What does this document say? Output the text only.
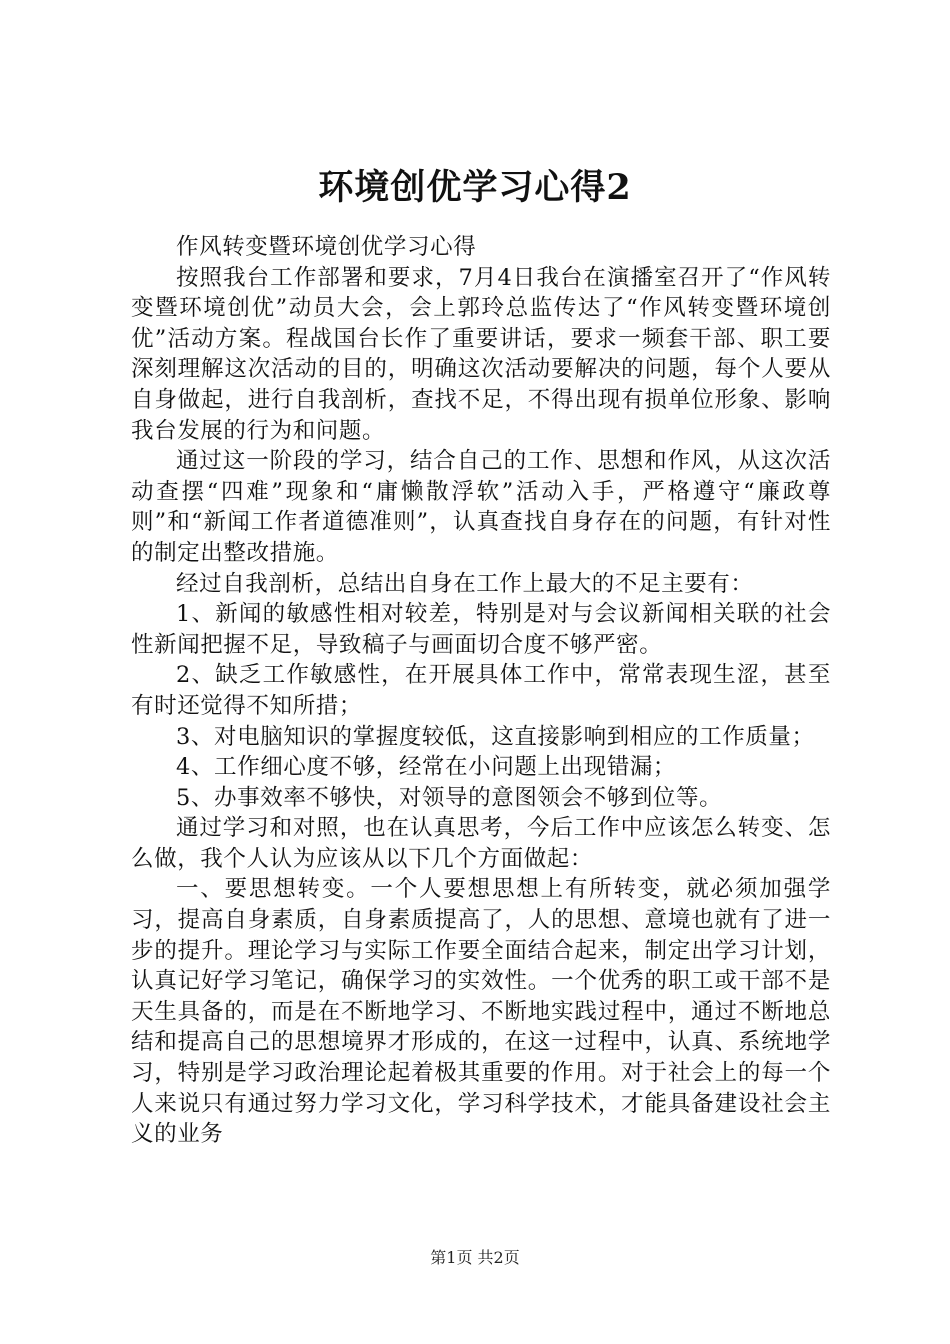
环境创优学习心得2

作风转变暨环境创优学习心得

按照我台工作部署和要求，7月4日我台在演播室召开了“作风转变暨环境创优”动员大会，会上郭玲总监传达了“作风转变暨环境创优”活动方案。程战国台长作了重要讲话，要求一频套干部、职工要深刻理解这次活动的目的，明确这次活动要解决的问题，每个人要从自身做起，进行自我剖析，查找不足，不得出现有损单位形象、影响我台发展的行为和问题。

通过这一阶段的学习，结合自己的工作、思想和作风，从这次活动查摆“四难”现象和“庸懒散浮软”活动入手，严格遵守“廉政尊则”和“新闻工作者道德准则”，认真查找自身存在的问题，有针对性的制定出整改措施。

经过自我剖析，总结出自身在工作上最大的不足主要有：

1、新闻的敏感性相对较差，特别是对与会议新闻相关联的社会性新闻把握不足，导致稿子与画面切合度不够严密。

2、缺乏工作敏感性，在开展具体工作中，常常表现生涩，甚至有时还觉得不知所措；

3、对电脑知识的掌握度较低，这直接影响到相应的工作质量；

4、工作细心度不够，经常在小问题上出现错漏；

5、办事效率不够快，对领导的意图领会不够到位等。

通过学习和对照，也在认真思考，今后工作中应该怎么转变、怎么做，我个人认为应该从以下几个方面做起：

一、要思想转变。一个人要想思想上有所转变，就必须加强学习，提高自身素质，自身素质提高了，人的思想、意境也就有了进一步的提升。理论学习与实际工作要全面结合起来，制定出学习计划，认真记好学习笔记，确保学习的实效性。一个优秀的职工或干部不是天生具备的，而是在不断地学习、不断地实践过程中，通过不断地总结和提高自己的思想境界才形成的，在这一过程中，认真、系统地学习，特别是学习政治理论起着极其重要的作用。对于社会上的每一个人来说只有通过努力学习文化，学习科学技术，才能具备建设社会主义的业务

第1页 共2页
